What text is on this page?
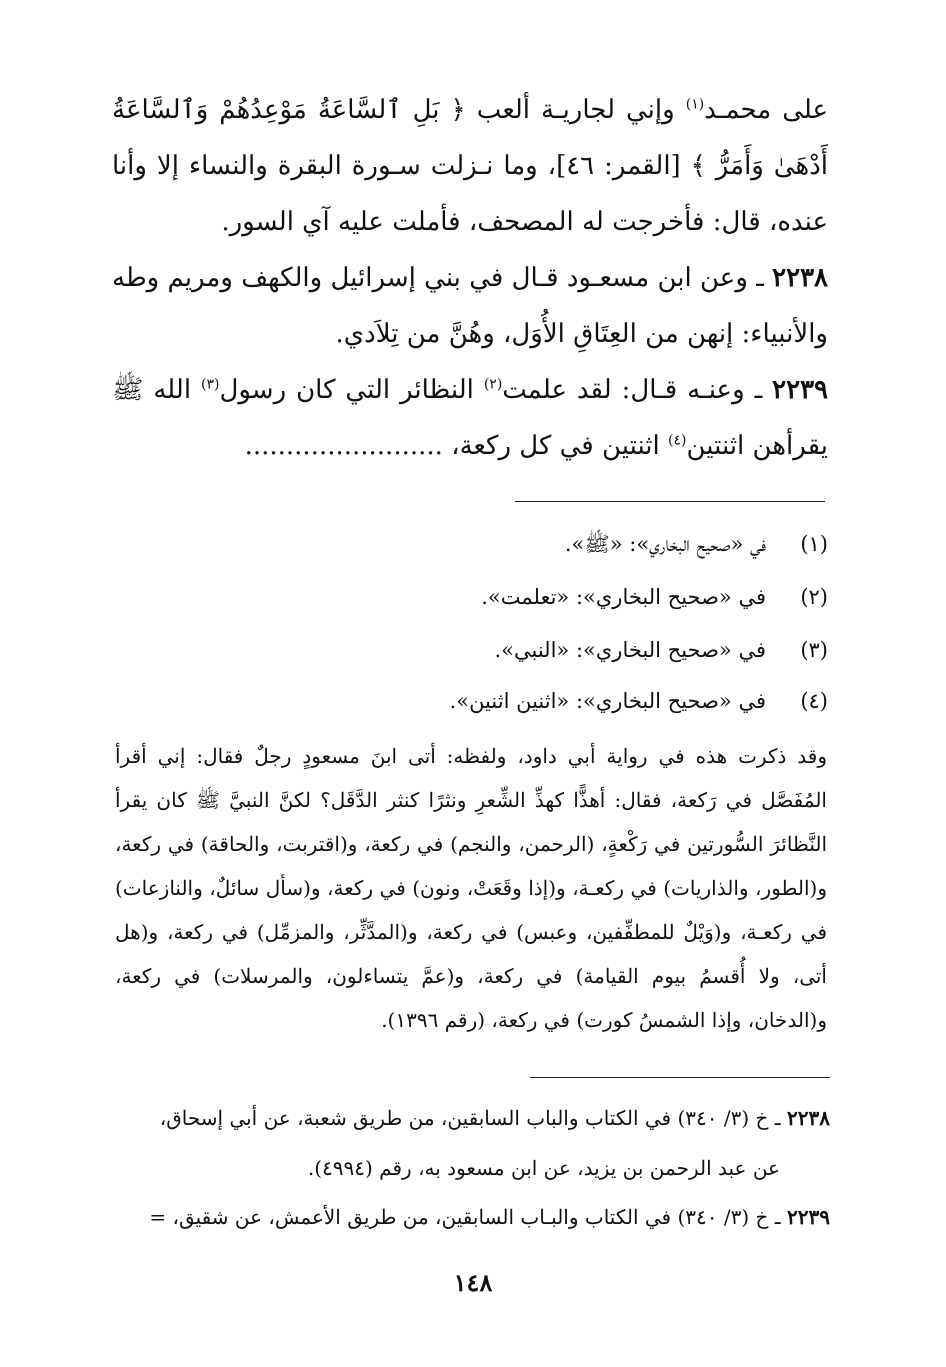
على محمـد$^{(١)}$ وإني لجاريـة ألعب ﴿ بَلِ ٱلسَّاعَةُ مَوْعِدُهُمْ وَٱلسَّاعَةُ أَدْهَىٰ وَأَمَرُّ ﴾ [القمر: ٤٦]، وما نـزلت سـورة البقرة والنساء إلا وأنا عنده، قال: فأخرجت له المصحف، فأملت عليه آي السور.
٢٢٣٨ ـ وعن ابن مسعـود قـال في بني إسرائيل والكهف ومريم وطه والأنبياء: إنهن من العِتَاقِ الأُوَل، وهُنَّ من تِلاَدي.
٢٢٣٩ ـ وعنـه قـال: لقد علمت$^{(٢)}$ النظائر التي كان رسول$^{(٣)}$ الله ﷺ يقرأهن اثنتين$^{(٤)}$ اثنتين في كل ركعة، ........................
(١)
في «صحيح البخاري»: «ﷺ».
(٢)
في «صحيح البخاري»: «تعلمت».
(٣)
في «صحيح البخاري»: «النبي».
(٤)
في «صحيح البخاري»: «اثنين اثنين».
وقد ذكرت هذه في رواية أبي داود، ولفظه: أتى ابنَ مسعودٍ رجلٌ فقال: إني أقرأ المُفَصَّل في رَكعة، فقال: أهذًّا كهذِّ الشِّعرِ ونثرًا كنثر الدَّقَل؟ لكنَّ النبيَّ ﷺ كان يقرأ النَّظائرَ السُّورتين في رَكْعةٍ، (الرحمن، والنجم) في ركعة، و(اقتربت، والحاقة) في ركعة، و(الطور، والذاريات) في ركعـة، و(إذا وقَعَتْ، ونون) في ركعة، و(سأل سائلٌ، والنازعات) في ركعـة، و(وَيْلٌ للمطفِّفين، وعبس) في ركعة، و(المدَّثِّر، والمزمِّل) في ركعة، و(هل أتى، ولا أُقسمُ بيوم القيامة) في ركعة، و(عمَّ يتساءلون، والمرسلات) في ركعة، و(الدخان، وإذا الشمسُ كورت) في ركعة، (رقم ١٣٩٦).
٢٢٣٨ ـ خ (٣/ ٣٤٠) في الكتاب والباب السابقين، من طريق شعبة، عن أبي إسحاق،
عن عبد الرحمن بن يزيد، عن ابن مسعود به، رقم (٤٩٩٤).
٢٢٣٩ ـ خ (٣/ ٣٤٠) في الكتاب والبـاب السابقين، من طريق الأعمش، عن شقيق، =
١٤٨
